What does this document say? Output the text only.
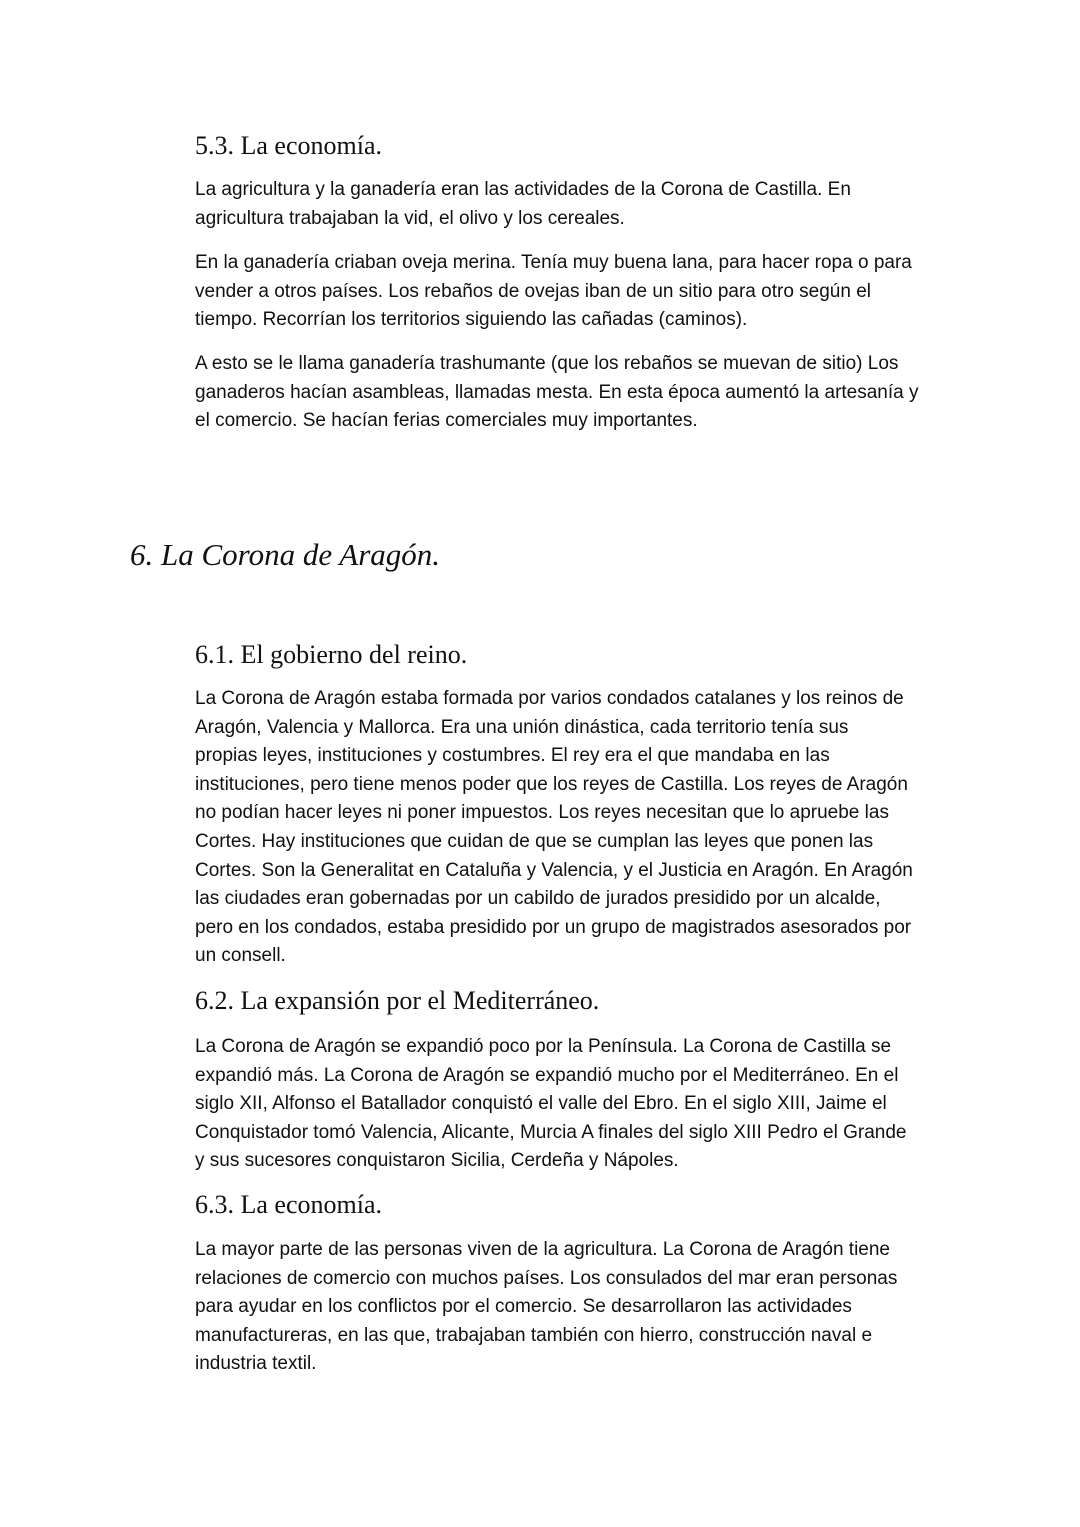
5.3. La economía.

La agricultura y la ganadería eran las actividades de la Corona de Castilla. En
agricultura trabajaban la vid, el olivo y los cereales.

En la ganadería criaban oveja merina. Tenía muy buena lana, para hacer ropa o para
vender a otros países. Los rebaños de ovejas iban de un sitio para otro según el
tiempo. Recorrían los territorios siguiendo las cañadas (caminos).

A esto se le llama ganadería trashumante (que los rebaños se muevan de sitio) Los
ganaderos hacían asambleas, llamadas mesta. En esta época aumentó la artesanía y
el comercio. Se hacían ferias comerciales muy importantes.

6. La Corona de Aragón.
6.1. El gobierno del reino.

La Corona de Aragón estaba formada por varios condados catalanes y los reinos de
Aragón, Valencia y Mallorca. Era una unión dinástica, cada territorio tenía sus
propias leyes, instituciones y costumbres. El rey era el que mandaba en las
instituciones, pero tiene menos poder que los reyes de Castilla. Los reyes de Aragón
no podían hacer leyes ni poner impuestos. Los reyes necesitan que lo apruebe las
Cortes. Hay instituciones que cuidan de que se cumplan las leyes que ponen las
Cortes. Son la Generalitat en Cataluña y Valencia, y el Justicia en Aragón. En Aragón
las ciudades eran gobernadas por un cabildo de jurados presidido por un alcalde,
pero en los condados, estaba presidido por un grupo de magistrados asesorados por
un consell.

6.2. La expansión por el Mediterráneo.

La Corona de Aragón se expandió poco por la Península. La Corona de Castilla se
expandió más. La Corona de Aragón se expandió mucho por el Mediterráneo. En el
siglo XII, Alfonso el Batallador conquistó el valle del Ebro. En el siglo XIII, Jaime el
Conquistador tomó Valencia, Alicante, Murcia A finales del siglo XIII Pedro el Grande
y sus sucesores conquistaron Sicilia, Cerdeña y Nápoles.

6.3. La economía.

La mayor parte de las personas viven de la agricultura. La Corona de Aragón tiene
relaciones de comercio con muchos países. Los consulados del mar eran personas
para ayudar en los conflictos por el comercio. Se desarrollaron las actividades
manufactureras, en las que, trabajaban también con hierro, construcción naval e
industria textil.
